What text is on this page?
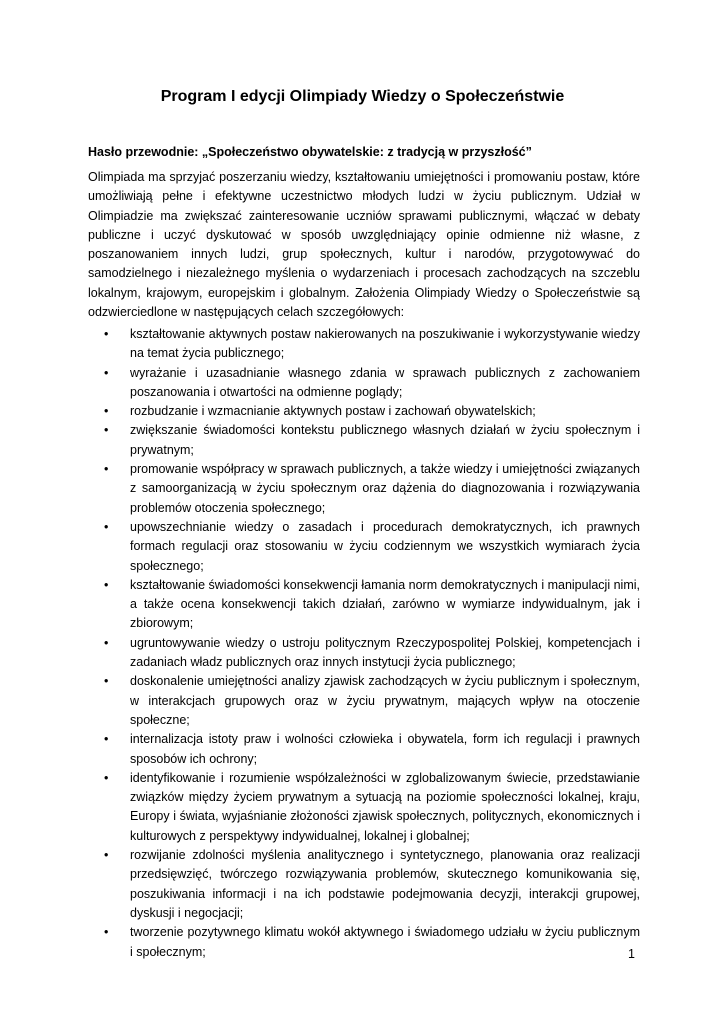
Program I edycji Olimpiady Wiedzy o Społeczeństwie

Hasło przewodnie: „Społeczeństwo obywatelskie: z tradycją w przyszłość”

Olimpiada ma sprzyjać poszerzaniu wiedzy, kształtowaniu umiejętności i promowaniu postaw, które umożliwiają pełne i efektywne uczestnictwo młodych ludzi w życiu publicznym. Udział w Olimpiadzie ma zwiększać zainteresowanie uczniów sprawami publicznymi, włączać w debaty publiczne i uczyć dyskutować w sposób uwzględniający opinie odmienne niż własne, z poszanowaniem innych ludzi, grup społecznych, kultur i narodów, przygotowywać do samodzielnego i niezależnego myślenia o wydarzeniach i procesach zachodzących na szczeblu lokalnym, krajowym, europejskim i globalnym. Założenia Olimpiady Wiedzy o Społeczeństwie są odzwierciedlone w następujących celach szczegółowych:

• kształtowanie aktywnych postaw nakierowanych na poszukiwanie i wykorzystywanie wiedzy na temat życia publicznego;
• wyrażanie i uzasadnianie własnego zdania w sprawach publicznych z zachowaniem poszanowania i otwartości na odmienne poglądy;
• rozbudzanie i wzmacnianie aktywnych postaw i zachowań obywatelskich;
• zwiększanie świadomości kontekstu publicznego własnych działań w życiu społecznym i prywatnym;
• promowanie współpracy w sprawach publicznych, a także wiedzy i umiejętności związanych z samoorganizacją w życiu społecznym oraz dążenia do diagnozowania i rozwiązywania problemów otoczenia społecznego;
• upowszechnianie wiedzy o zasadach i procedurach demokratycznych, ich prawnych formach regulacji oraz stosowaniu w życiu codziennym we wszystkich wymiarach życia społecznego;
• kształtowanie świadomości konsekwencji łamania norm demokratycznych i manipulacji nimi, a także ocena konsekwencji takich działań, zarówno w wymiarze indywidualnym, jak i zbiorowym;
• ugruntowywanie wiedzy o ustroju politycznym Rzeczypospolitej Polskiej, kompetencjach i zadaniach władz publicznych oraz innych instytucji życia publicznego;
• doskonalenie umiejętności analizy zjawisk zachodzących w życiu publicznym i społecznym, w interakcjach grupowych oraz w życiu prywatnym, mających wpływ na otoczenie społeczne;
• internalizacja istoty praw i wolności człowieka i obywatela, form ich regulacji i prawnych sposobów ich ochrony;
• identyfikowanie i rozumienie współzależności w zglobalizowanym świecie, przedstawianie związków między życiem prywatnym a sytuacją na poziomie społeczności lokalnej, kraju, Europy i świata, wyjaśnianie złożoności zjawisk społecznych, politycznych, ekonomicznych i kulturowych z perspektywy indywidualnej, lokalnej i globalnej;
• rozwijanie zdolności myślenia analitycznego i syntetycznego, planowania oraz realizacji przedsięwzięć, twórczego rozwiązywania problemów, skutecznego komunikowania się, poszukiwania informacji i na ich podstawie podejmowania decyzji, interakcji grupowej, dyskusji i negocjacji;
• tworzenie pozytywnego klimatu wokół aktywnego i świadomego udziału w życiu publicznym i społecznym;	1
